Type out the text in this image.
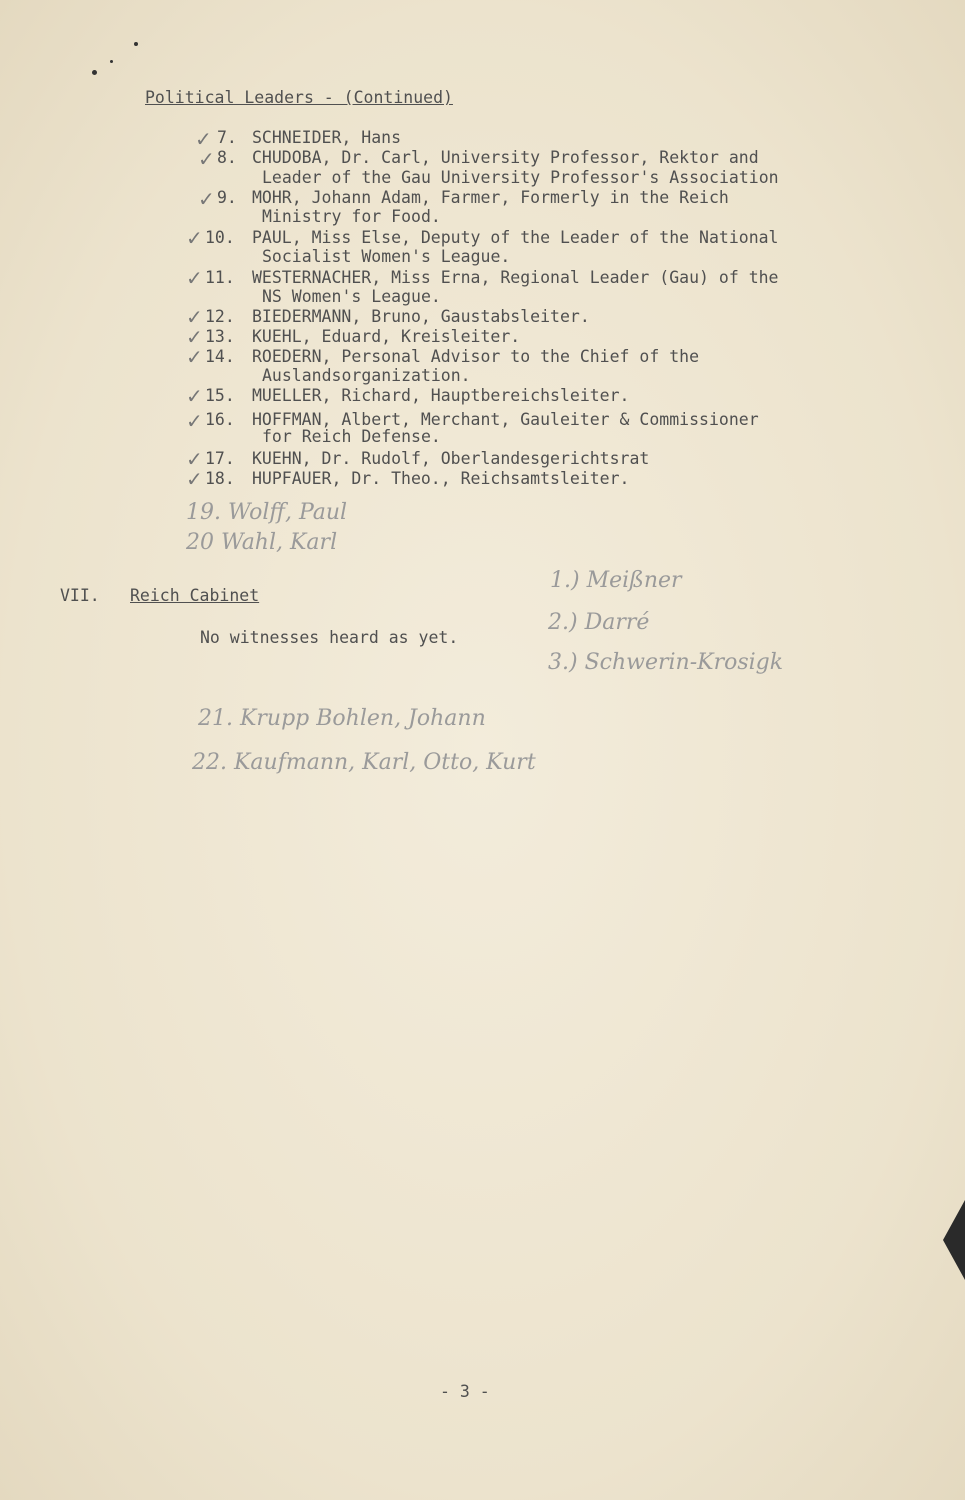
Political Leaders - (Continued)
✓ 7. SCHNEIDER, Hans
✓ 8. CHUDOBA, Dr. Carl, University Professor, Rektor and
Leader of the Gau University Professor's Association
✓ 9. MOHR, Johann Adam, Farmer, Formerly in the Reich
Ministry for Food.
✓ 10. PAUL, Miss Else, Deputy of the Leader of the National
Socialist Women's League.
✓ 11. WESTERNACHER, Miss Erna, Regional Leader (Gau) of the
NS Women's League.
✓ 12. BIEDERMANN, Bruno, Gaustabsleiter.
✓ 13. KUEHL, Eduard, Kreisleiter.
✓ 14. ROEDERN, Personal Advisor to the Chief of the
Auslandsorganization.
✓ 15. MUELLER, Richard, Hauptbereichsleiter.
✓ 16. HOFFMAN, Albert, Merchant, Gauleiter & Commissioner
for Reich Defense.
✓ 17. KUEHN, Dr. Rudolf, Oberlandesgerichtsrat
✓ 18. HUPFAUER, Dr. Theo., Reichsamtsleiter.
19. Wolff, Paul
20 Wahl, Karl
VII. Reich Cabinet
No witnesses heard as yet.
1.) Meißner
2.) Darré
3.) Schwerin-Krosigk
21. Krupp Bohlen, Johann
22. Kaufmann, Karl, Otto, Kurt
- 3 -
